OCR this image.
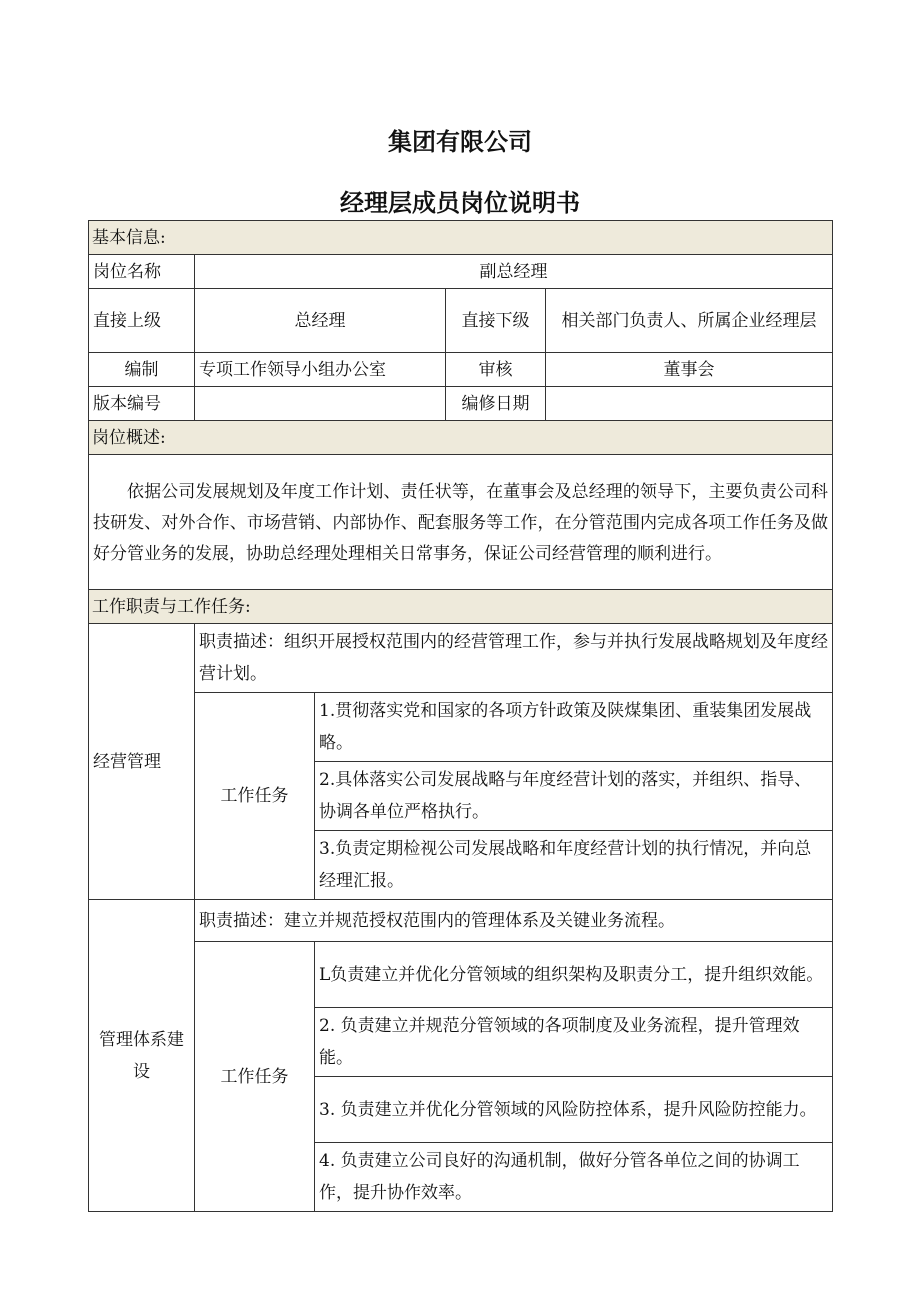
集团有限公司
经理层成员岗位说明书
基本信息:				
岗位名称	副总经理			
直接上级	总经理		直接下级	相关部门负责人、所属企业经理层
编制	专项工作领导小组办公室		审核	董事会
版本编号			编修日期	
岗位概述:				
依据公司发展规划及年度工作计划、责任状等，在董事会及总经理的领导下，主要负责公司科技研发、对外合作、市场营销、内部协作、配套服务等工作，在分管范围内完成各项工作任务及做好分管业务的发展，协助总经理处理相关日常事务，保证公司经营管理的顺利进行。				
工作职责与工作任务:				
经营管理	职责描述：组织开展授权范围内的经营管理工作，参与并执行发展战略规划及年度经营计划。			
	工作任务	1.贯彻落实党和国家的各项方针政策及陕煤集团、重装集团发展战略。		
		2.具体落实公司发展战略与年度经营计划的落实，并组织、指导、协调各单位严格执行。		
		3.负责定期检视公司发展战略和年度经营计划的执行情况，并向总经理汇报。		
管理体系建设	职责描述：建立并规范授权范围内的管理体系及关键业务流程。			
	工作任务	L负责建立并优化分管领域的组织架构及职责分工，提升组织效能。		
		2. 负责建立并规范分管领域的各项制度及业务流程，提升管理效能。		
		3. 负责建立并优化分管领域的风险防控体系，提升风险防控能力。		
		4. 负责建立公司良好的沟通机制，做好分管各单位之间的协调工作，提升协作效率。		
